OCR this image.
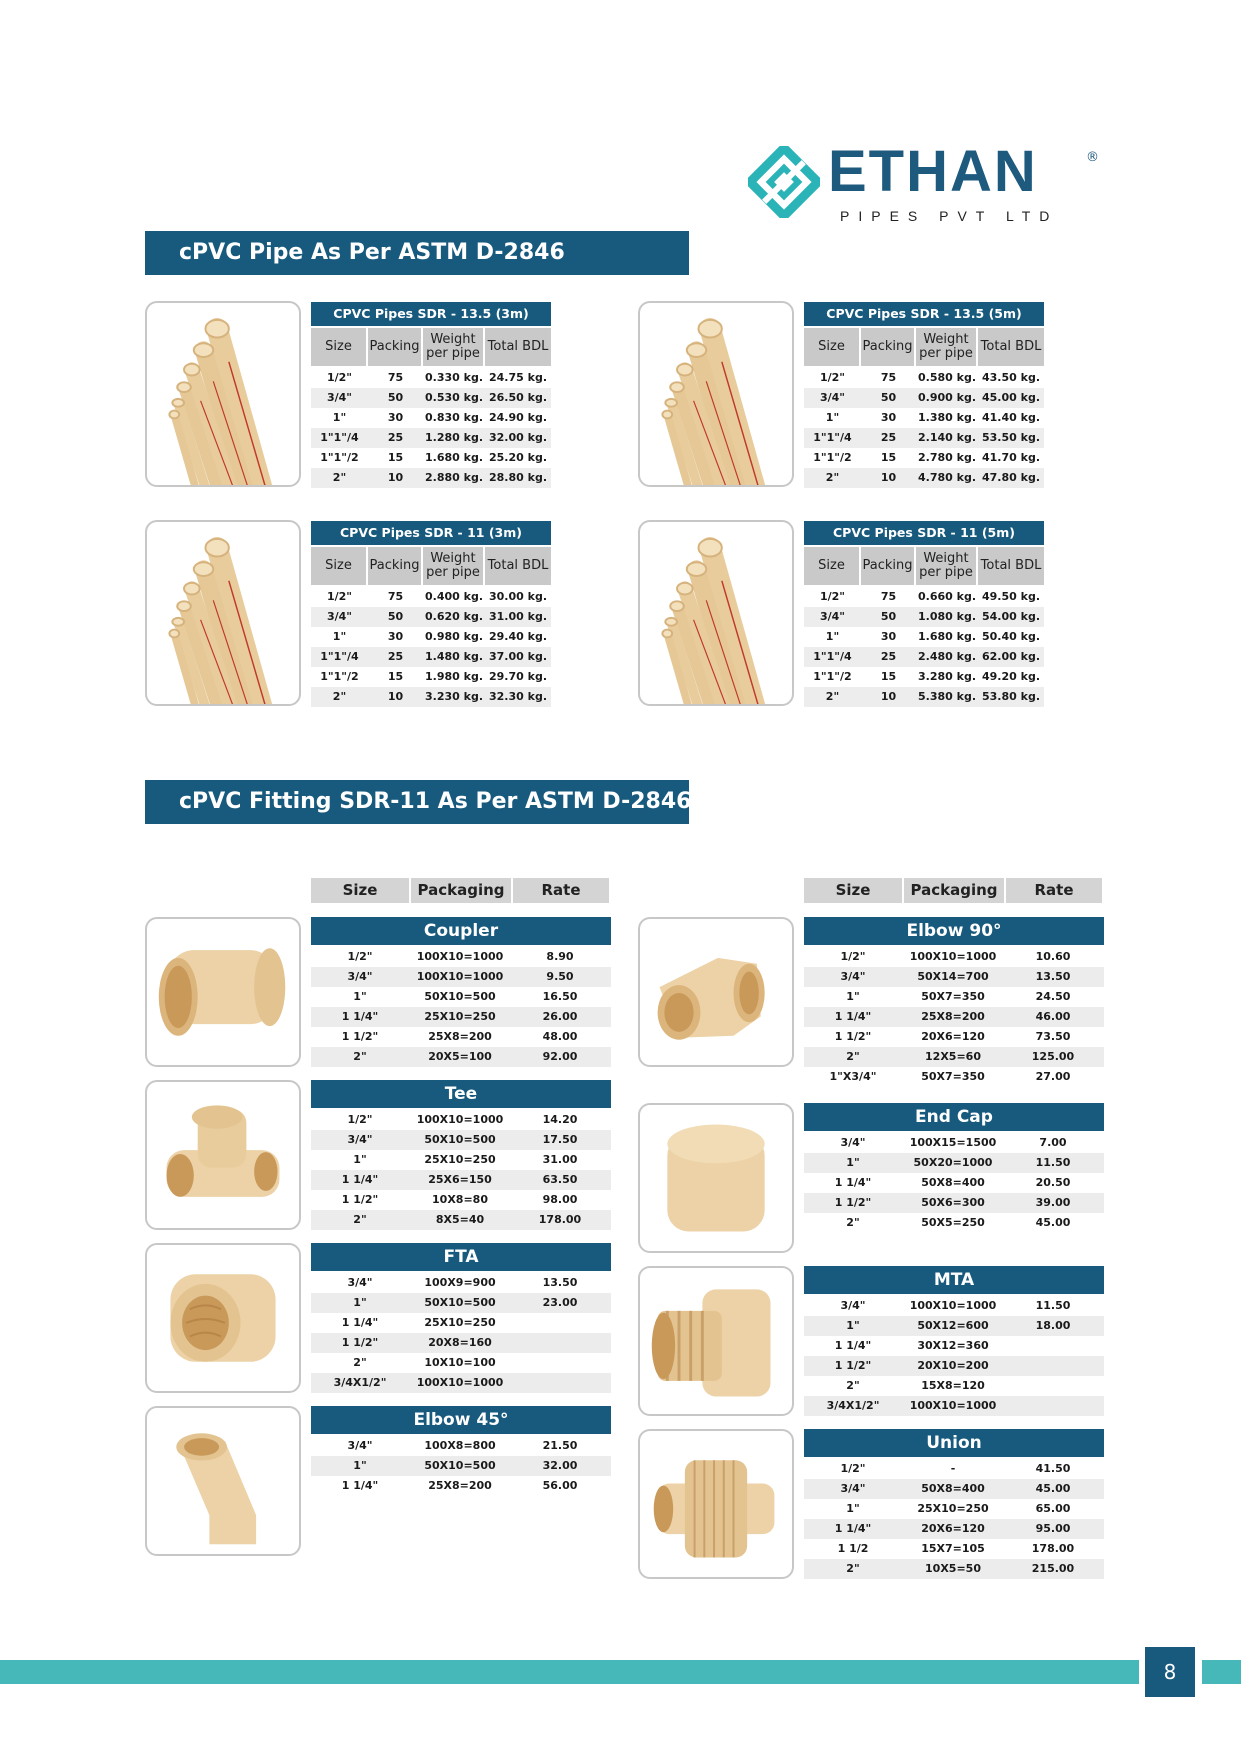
ETHAN	®
PIPES PVT LTD
cPVC Pipe As Per ASTM D-2846
CPVC Pipes SDR - 13.5 (3m)
Size	Packing Weight per pipe Total BDL
1/2"	75	0.330 kg. 24.75 kg.
3/4"	50	0.530 kg. 26.50 kg.
1"	30	0.830 kg. 24.90 kg.
1"1"/4	25	1.280 kg. 32.00 kg.
1"1"/2	15	1.680 kg. 25.20 kg.
2"	10	2.880 kg. 28.80 kg.
CPVC Pipes SDR - 13.5 (5m)
Size	Packing Weight per pipe Total BDL
1/2"	75	0.580 kg. 43.50 kg.
3/4"	50	0.900 kg. 45.00 kg.
1"	30	1.380 kg. 41.40 kg.
1"1"/4	25	2.140 kg. 53.50 kg.
1"1"/2	15	2.780 kg. 41.70 kg.
2"	10	4.780 kg. 47.80 kg.
CPVC Pipes SDR - 11 (3m)
Size	Packing Weight per pipe Total BDL
1/2"	75	0.400 kg. 30.00 kg.
3/4"	50	0.620 kg. 31.00 kg.
1"	30	0.980 kg. 29.40 kg.
1"1"/4	25	1.480 kg. 37.00 kg.
1"1"/2	15	1.980 kg. 29.70 kg.
2"	10	3.230 kg. 32.30 kg.
CPVC Pipes SDR - 11 (5m)
Size	Packing Weight per pipe Total BDL
1/2"	75	0.660 kg. 49.50 kg.
3/4"	50	1.080 kg. 54.00 kg.
1"	30	1.680 kg. 50.40 kg.
1"1"/4	25	2.480 kg. 62.00 kg.
1"1"/2	15	3.280 kg. 49.20 kg.
2"	10	5.380 kg. 53.80 kg.
cPVC Fitting SDR-11 As Per ASTM D-2846
Size	Packaging	Rate	Size	Packaging	Rate
Coupler
1/2"	100X10=1000	8.90
3/4"	100X10=1000	9.50
1"	50X10=500	16.50
1 1/4"	25X10=250	26.00
1 1/2"	25X8=200	48.00
2"	20X5=100	92.00
Tee
1/2"	100X10=1000	14.20
3/4"	50X10=500	17.50
1"	25X10=250	31.00
1 1/4"	25X6=150	63.50
1 1/2"	10X8=80	98.00
2"	8X5=40	178.00
FTA
3/4"	100X9=900	13.50
1"	50X10=500	23.00
1 1/4"	25X10=250
1 1/2"	20X8=160
2"	10X10=100
3/4X1/2"	100X10=1000
Elbow 45°
3/4"	100X8=800	21.50
1"	50X10=500	32.00
1 1/4"	25X8=200	56.00
Elbow 90°
1/2"	100X10=1000	10.60
3/4"	50X14=700	13.50
1"	50X7=350	24.50
1 1/4"	25X8=200	46.00
1 1/2"	20X6=120	73.50
2"	12X5=60	125.00
1"X3/4"	50X7=350	27.00
End Cap
3/4"	100X15=1500	7.00
1"	50X20=1000	11.50
1 1/4"	50X8=400	20.50
1 1/2"	50X6=300	39.00
2"	50X5=250	45.00
MTA
3/4"	100X10=1000	11.50
1"	50X12=600	18.00
1 1/4"	30X12=360
1 1/2"	20X10=200
2"	15X8=120
3/4X1/2"	100X10=1000
Union
1/2"	-	41.50
3/4"	50X8=400	45.00
1"	25X10=250	65.00
1 1/4"	20X6=120	95.00
1 1/2	15X7=105	178.00
2"	10X5=50	215.00
8
